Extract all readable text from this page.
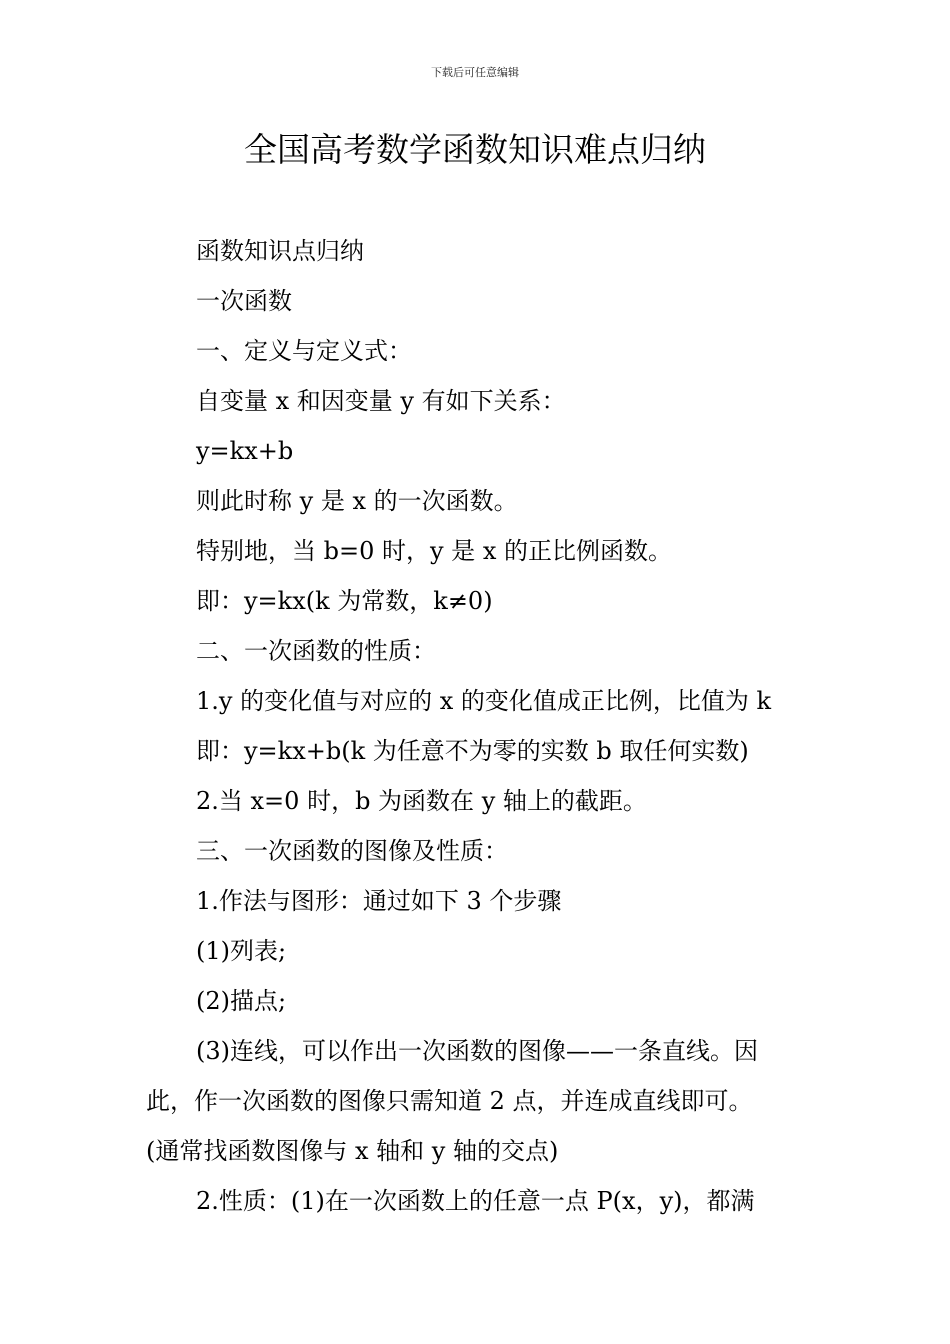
下载后可任意编辑
全国高考数学函数知识难点归纳

函数知识点归纳

一次函数

一、定义与定义式：

自变量 x 和因变量 y 有如下关系：

y=kx+b

则此时称 y 是 x 的一次函数。

特别地，当 b=0 时，y 是 x 的正比例函数。

即：y=kx(k 为常数，k≠0)

二、一次函数的性质：

1.y 的变化值与对应的 x 的变化值成正比例，比值为 k

即：y=kx+b(k 为任意不为零的实数 b 取任何实数)

2.当 x=0 时，b 为函数在 y 轴上的截距。

三、一次函数的图像及性质：

1.作法与图形：通过如下 3 个步骤

(1)列表;

(2)描点;

(3)连线，可以作出一次函数的图像——一条直线。因

此，作一次函数的图像只需知道 2 点，并连成直线即可。

(通常找函数图像与 x 轴和 y 轴的交点)

2.性质：(1)在一次函数上的任意一点 P(x，y)，都满
